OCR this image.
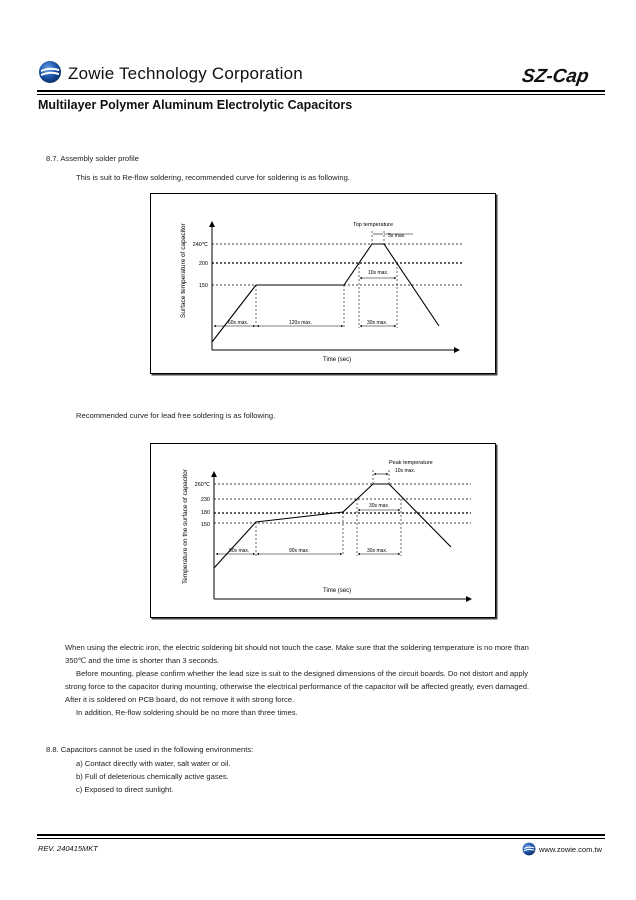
Zowie Technology Corporation	SZ-Cap
Multilayer Polymer Aluminum Electrolytic Capacitors
8.7. Assembly solder profile
This is suit to Re-flow soldering, recommended curve for soldering is as following.
Surface temperature of capacitor 240℃
200
150
Top temperature
5s max.
10s max.
60s max.	120s max.	30s max.
Time (sec)
Recommended curve for lead free soldering is as following.
Temperature on the surface of capacitor 260℃
230
180
150
Peak temperature
10s max.
30s max.
60s max.	90s max.	30s max.
Time (sec)
When using the electric iron, the electric soldering bit should not touch the case. Make sure that the soldering temperature is no more than
350℃ and the time is shorter than 3 seconds.
Before mounting, please confirm whether the lead size is suit to the designed dimensions of the circuit boards. Do not distort and apply
strong force to the capacitor during mounting, otherwise the electrical performance of the capacitor will be affected greatly, even damaged.
After it is soldered on PCB board, do not remove it with strong force.
In addition, Re-flow soldering should be no more than three times.
8.8. Capacitors cannot be used in the following environments:
a) Contact directly with water, salt water or oil.
b) Full of deleterious chemically active gases.
c) Exposed to direct sunlight.
REV. 240415MKT	www.zowie.com.tw
